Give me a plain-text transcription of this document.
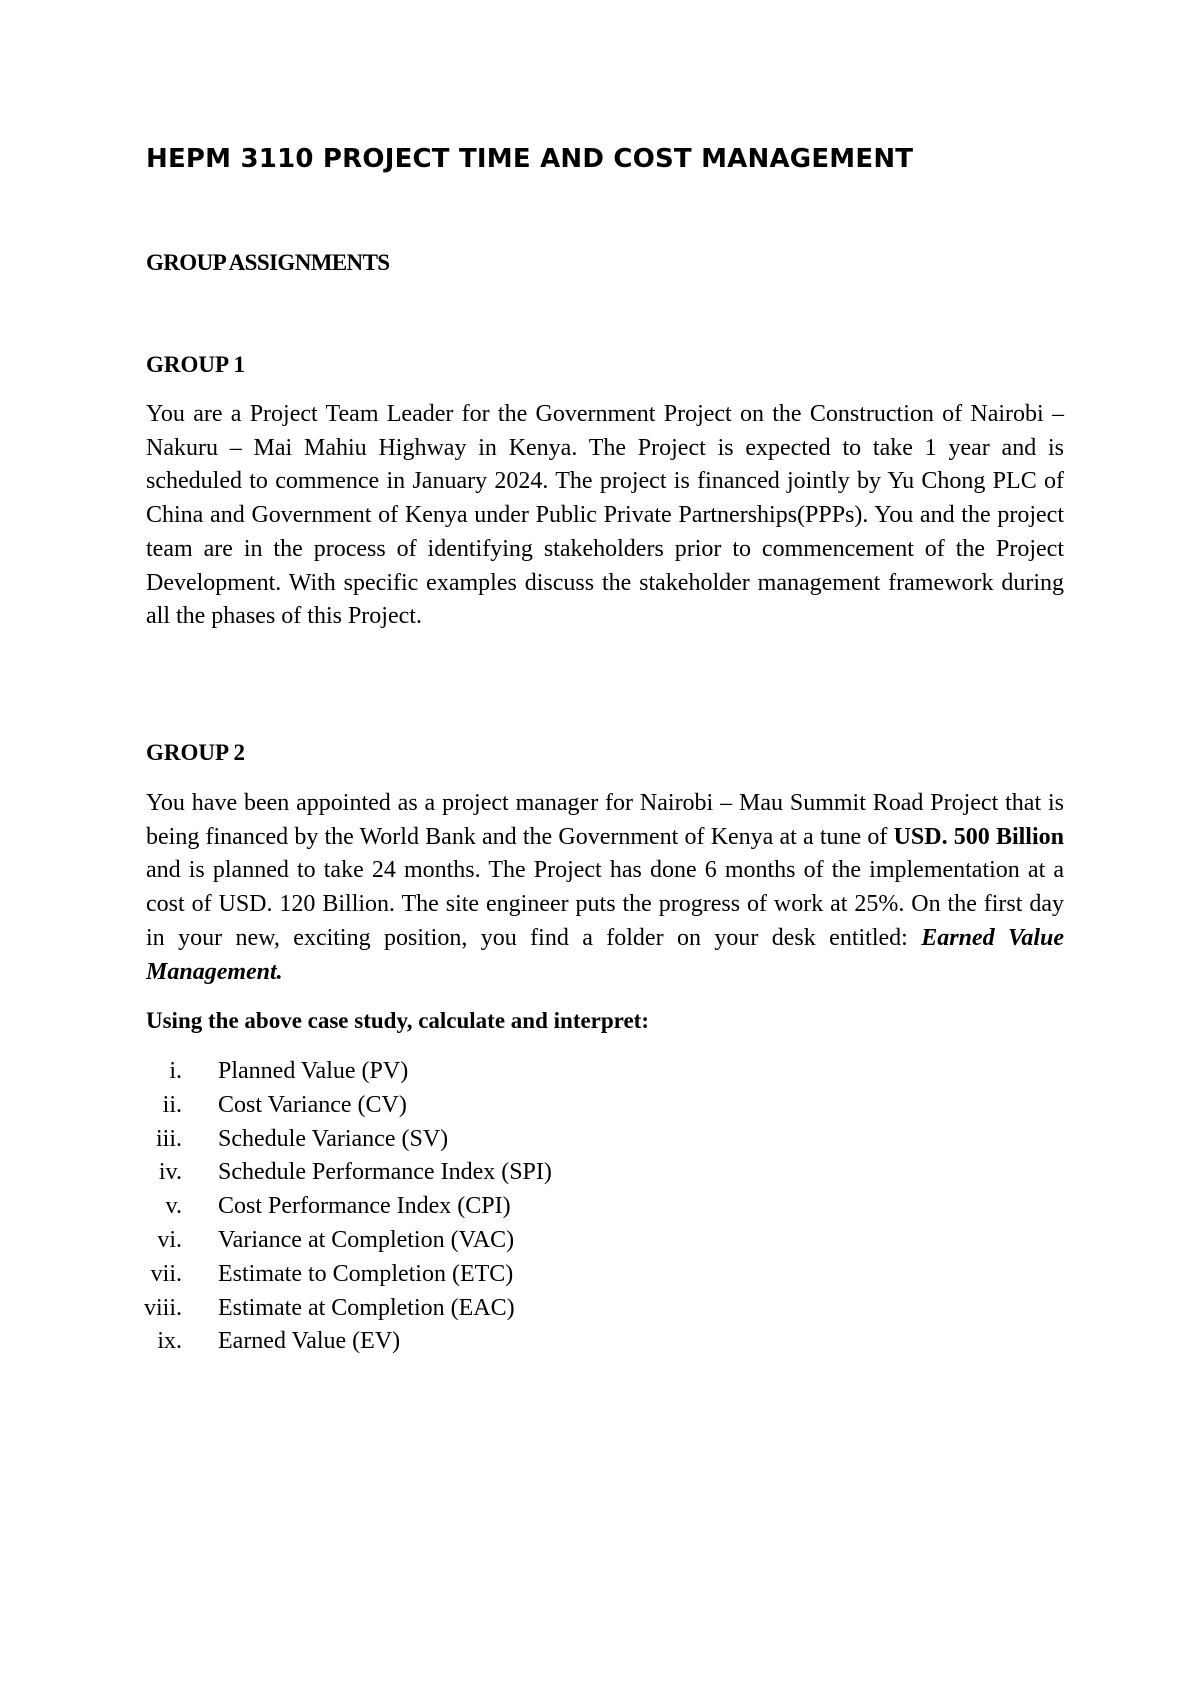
HEPM 3110 PROJECT TIME AND COST MANAGEMENT
GROUP ASSIGNMENTS
GROUP 1

You are a Project Team Leader for the Government Project on the Construction of Nairobi – Nakuru – Mai Mahiu Highway in Kenya. The Project is expected to take 1 year and is scheduled to commence in January 2024. The project is financed jointly by Yu Chong PLC of China and Government of Kenya under Public Private Partnerships(PPPs). You and the project team are in the process of identifying stakeholders prior to commencement of the Project Development. With specific examples discuss the stakeholder management framework during all the phases of this Project.

GROUP 2

You have been appointed as a project manager for Nairobi – Mau Summit Road Project that is being financed by the World Bank and the Government of Kenya at a tune of USD. 500 Billion and is planned to take 24 months. The Project has done 6 months of the implementation at a cost of USD. 120 Billion. The site engineer puts the progress of work at 25%. On the first day in your new, exciting position, you find a folder on your desk entitled: Earned Value Management.

Using the above case study, calculate and interpret:

i. Planned Value (PV)
ii. Cost Variance (CV)
iii. Schedule Variance (SV)
iv. Schedule Performance Index (SPI)
v. Cost Performance Index (CPI)
vi. Variance at Completion (VAC)
vii. Estimate to Completion (ETC)
viii. Estimate at Completion (EAC)
ix. Earned Value (EV)
